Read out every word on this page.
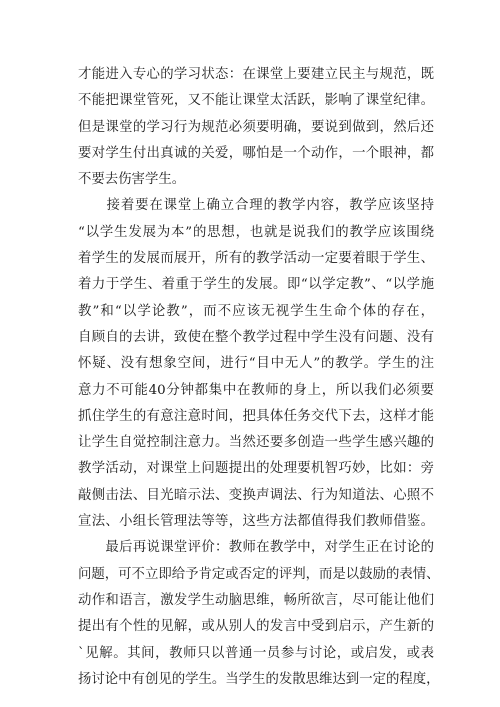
才能进入专心的学习状态：在课堂上要建立民主与规范，既
不能把课堂管死，又不能让课堂太活跃，影响了课堂纪律。
但是课堂的学习行为规范必须要明确，要说到做到，然后还
要对学生付出真诚的关爱，哪怕是一个动作，一个眼神，都
不要去伤害学生。
　　接着要在课堂上确立合理的教学内容，教学应该坚持
“以学生发展为本”的思想，也就是说我们的教学应该围绕
着学生的发展而展开，所有的教学活动一定要着眼于学生、
着力于学生、着重于学生的发展。即“以学定教”、“以学施
教”和“以学论教”，而不应该无视学生生命个体的存在，
自顾自的去讲，致使在整个教学过程中学生没有问题、没有
怀疑、没有想象空间，进行“目中无人”的教学。学生的注
意力不可能40分钟都集中在教师的身上，所以我们必须要
抓住学生的有意注意时间，把具体任务交代下去，这样才能
让学生自觉控制注意力。当然还要多创造一些学生感兴趣的
教学活动，对课堂上问题提出的处理要机智巧妙，比如：旁
敲侧击法、目光暗示法、变换声调法、行为知道法、心照不
宣法、小组长管理法等等，这些方法都值得我们教师借鉴。
　　最后再说课堂评价：教师在教学中，对学生正在讨论的
问题，可不立即给予肯定或否定的评判，而是以鼓励的表情、
动作和语言，激发学生动脑思维，畅所欲言，尽可能让他们
提出有个性的见解，或从别人的发言中受到启示，产生新的
`见解。其间，教师只以普通一员参与讨论，或启发，或表
扬讨论中有创见的学生。当学生的发散思维达到一定的程度，
